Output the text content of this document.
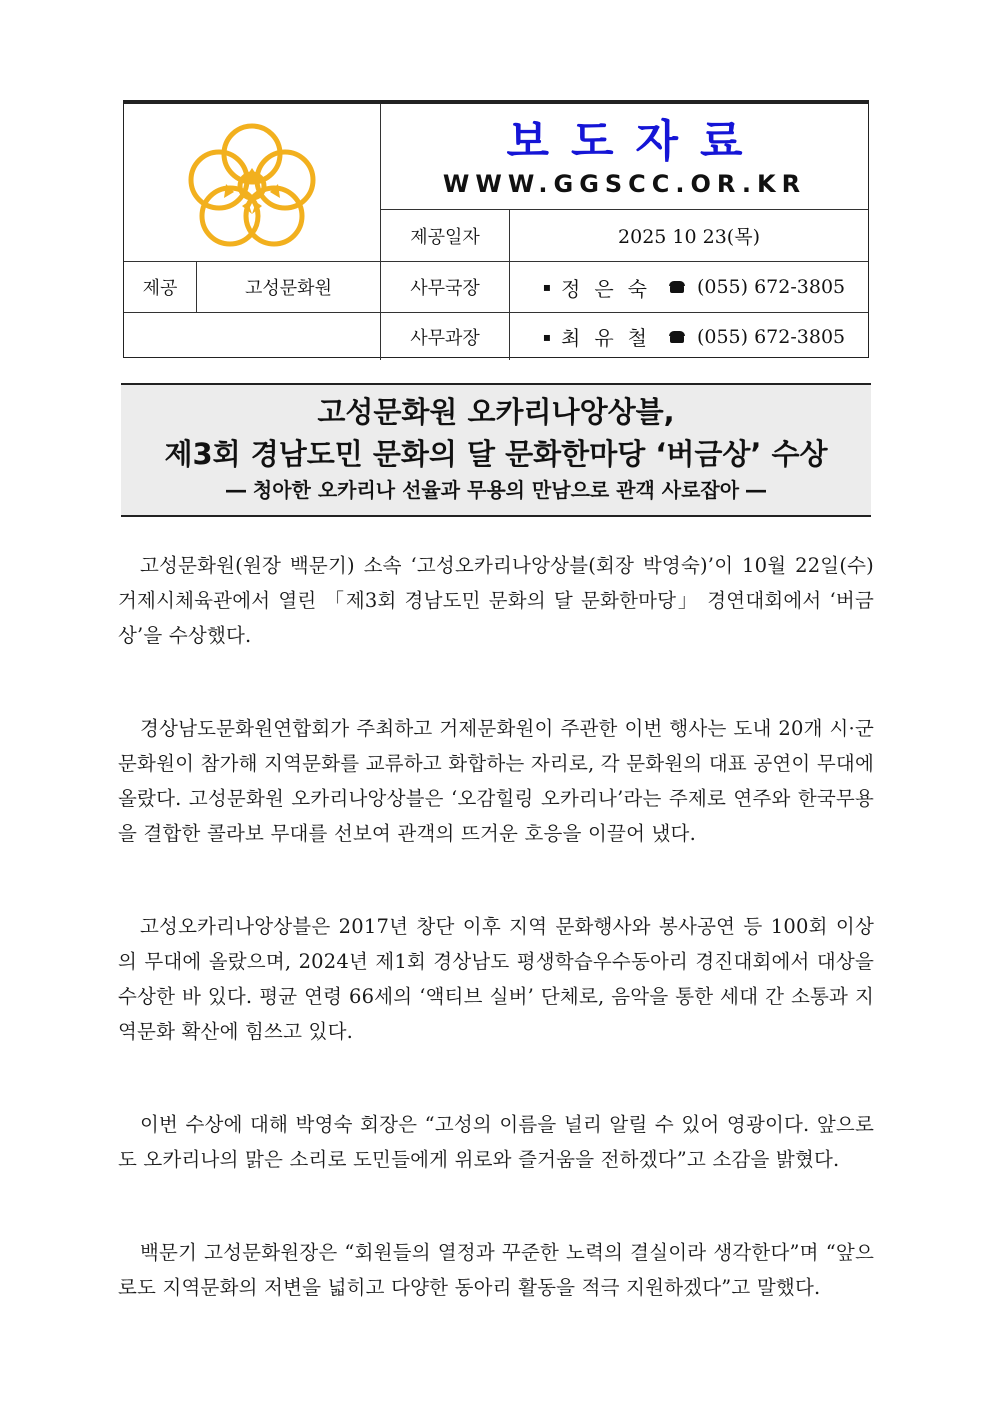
보도자료
WWW.GGSCC.OR.KR
제공일자	2025 10 23(목)
제공	고성문화원	사무국장	▪ 정은숙 (055) 672-3805
사무과장	▪ 최유철 (055) 672-3805
고성문화원 오카리나앙상블,
제3회 경남도민 문화의 달 문화한마당 ‘버금상’ 수상
― 청아한 오카리나 선율과 무용의 만남으로 관객 사로잡아 ―

고성문화원(원장 백문기) 소속 ‘고성오카리나앙상블(회장 박영숙)’이 10월 22일(수) 거제시체육관에서 열린 「제3회 경남도민 문화의 달 문화한마당」 경연대회에서 ‘버금상’을 수상했다.

경상남도문화원연합회가 주최하고 거제문화원이 주관한 이번 행사는 도내 20개 시·군 문화원이 참가해 지역문화를 교류하고 화합하는 자리로, 각 문화원의 대표 공연이 무대에 올랐다. 고성문화원 오카리나앙상블은 ‘오감힐링 오카리나’라는 주제로 연주와 한국무용을 결합한 콜라보 무대를 선보여 관객의 뜨거운 호응을 이끌어 냈다.

고성오카리나앙상블은 2017년 창단 이후 지역 문화행사와 봉사공연 등 100회 이상의 무대에 올랐으며, 2024년 제1회 경상남도 평생학습우수동아리 경진대회에서 대상을 수상한 바 있다. 평균 연령 66세의 ‘액티브 실버’ 단체로, 음악을 통한 세대 간 소통과 지역문화 확산에 힘쓰고 있다.

이번 수상에 대해 박영숙 회장은 “고성의 이름을 널리 알릴 수 있어 영광이다. 앞으로도 오카리나의 맑은 소리로 도민들에게 위로와 즐거움을 전하겠다”고 소감을 밝혔다.

백문기 고성문화원장은 “회원들의 열정과 꾸준한 노력의 결실이라 생각한다”며 “앞으로도 지역문화의 저변을 넓히고 다양한 동아리 활동을 적극 지원하겠다”고 말했다.
